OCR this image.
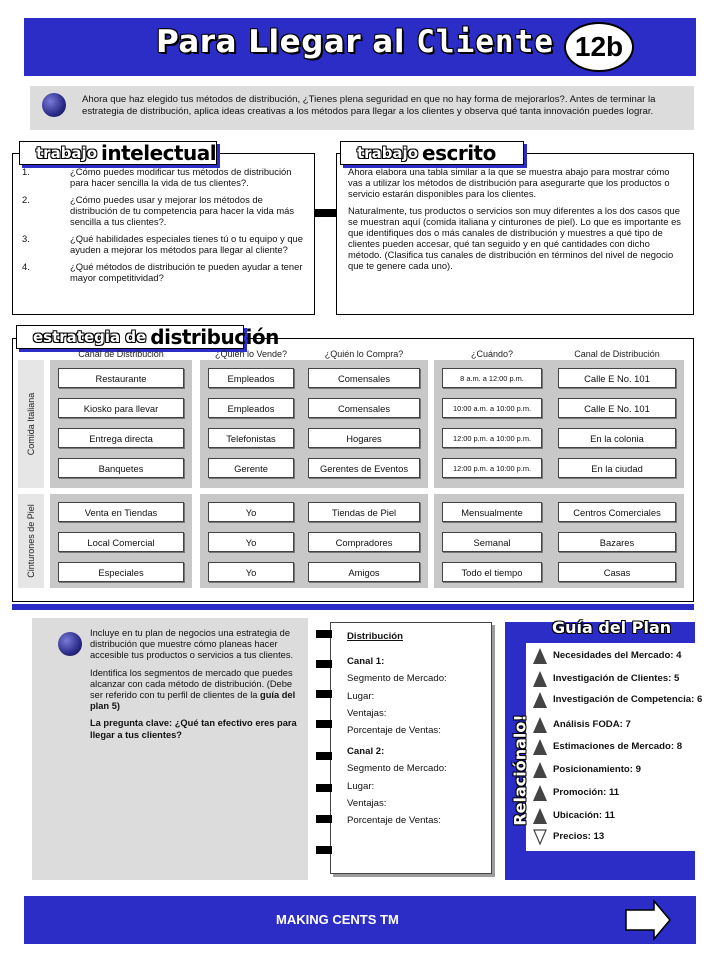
Para Llegar al Cliente 12b
Ahora que haz elegido tus métodos de distribución, ¿Tienes plena seguridad en que no hay forma de mejorarlos?. Antes de terminar la estrategia de distribución, aplica ideas creativas a los métodos para llegar a los clientes y observa qué tanta innovación puedes lograr.
trabajo intelectual
1.	¿Cómo puedes modificar tus métodos de distribución para hacer sencilla la vida de tus clientes?.
2.	¿Cómo puedes usar y mejorar los métodos de distribución de tu competencia para hacer la vida más sencilla a tus clientes?.
3.	¿Qué habilidades especiales tienes tú o tu equipo y que ayuden a mejorar los métodos para llegar al cliente?
4.	¿Qué métodos de distribución te pueden ayudar a tener mayor competitividad?
trabajo escrito

Ahora elabora una tabla similar a la que se muestra abajo para mostrar cómo vas a utilizar los métodos de distribución para asegurarte que los productos o servicio estarán disponibles para los clientes.

Naturalmente, tus productos o servicios son muy diferentes a los dos casos que se muestran aquí (comida italiana y cinturones de piel). Lo que es importante es que identifiques dos o más canales de distribución y muestres a qué tipo de clientes pueden accesar, qué tan seguido y en qué cantidades con dicho método. (Clasifica tus canales de distribución en términos del nivel de negocio que te genere cada uno).

estrategia de distribución
Canal de Distribución	¿Quién lo Vende?	¿Quién lo Compra?	¿Cuándo?	Canal de Distribución
Comida Italiana
Restaurante	Empleados	Comensales	8 a.m. a 12:00 p.m.	Calle E No. 101
Kiosko para llevar	Empleados	Comensales	10:00 a.m. a 10:00 p.m.	Calle E No. 101
Entrega directa	Telefonistas	Hogares	12:00 p.m. a 10:00 p.m.	En la colonia
Banquetes	Gerente	Gerentes de Eventos	12:00 p.m. a 10:00 p.m.	En la ciudad
Cinturones de Piel	Venta en Tiendas	Yo	Tiendas de Piel	Mensualmente	Centros Comerciales
Local Comercial	Yo	Compradores	Semanal	Bazares
Especiales	Yo	Amigos	Todo el tiempo	Casas

Incluye en tu plan de negocios una estrategia de distribución que muestre cómo planeas hacer accesible tus productos o servicios a tus clientes.

Identifica los segmentos de mercado que puedes alcanzar con cada método de distribución. (Debe ser referido con tu perfil de clientes de la guía del plan 5)

La pregunta clave: ¿Qué tan efectivo eres para llegar a tus clientes?

Distribución
Canal 1:
Segmento de Mercado:
Lugar:
Ventajas:
Porcentaje de Ventas:
Canal 2:
Segmento de Mercado:
Lugar:
Ventajas:
Porcentaje de Ventas:
Guía del Plan
Relaciónalo!
Necesidades del Mercado: 4
Investigación de Clientes: 5
Investigación de Competencia: 6
Análisis FODA: 7
Estimaciones de Mercado: 8
Posicionamiento: 9
Promoción: 11
Ubicación: 11
Precios: 13
MAKING CENTS TM
